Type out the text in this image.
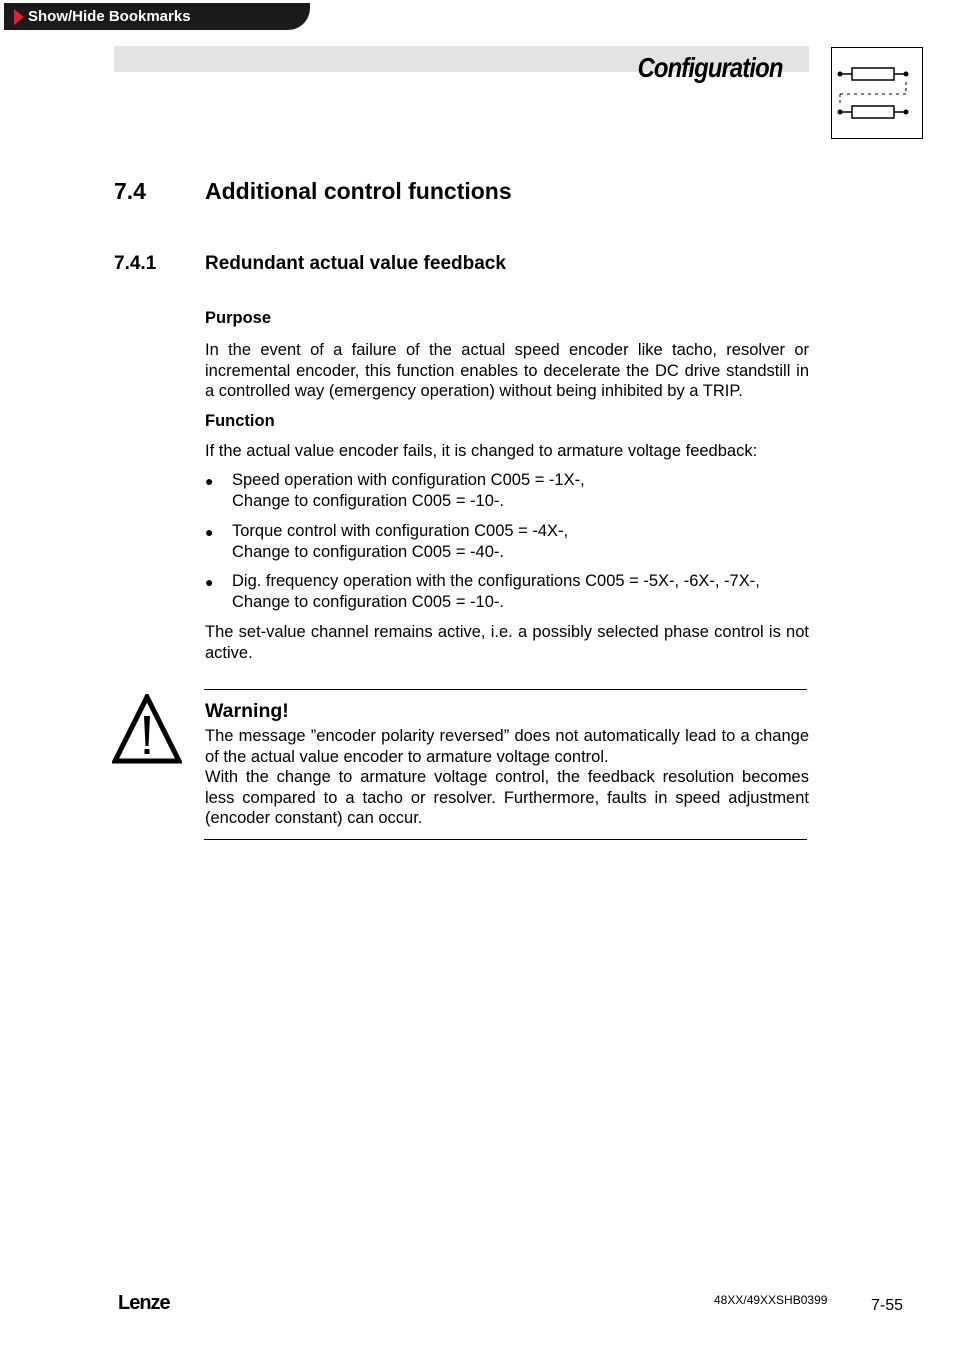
Show/Hide Bookmarks
Configuration
7.4	Additional control functions
7.4.1	Redundant actual value feedback
Purpose
In the event of a failure of the actual speed encoder like tacho, resolver or incremental encoder, this function enables to decelerate the DC drive standstill in a controlled way (emergency operation) without being inhibited by a TRIP.
Function
If the actual value encoder fails, it is changed to armature voltage feedback:
● Speed operation with configuration C005 = -1X-,
Change to configuration C005 = -10-.
● Torque control with configuration C005 = -4X-,
Change to configuration C005 = -40-.
● Dig. frequency operation with the configurations C005 = -5X-, -6X-, -7X-,
Change to configuration C005 = -10-.
The set-value channel remains active, i.e. a possibly selected phase control is not active.
Warning!

The message ”encoder polarity reversed” does not automatically lead to a change of the actual value encoder to armature voltage control.

With the change to armature voltage control, the feedback resolution becomes less compared to a tacho or resolver. Furthermore, faults in speed adjustment (encoder constant) can occur.

Lenze	48XX/49XXSHB0399	7-55
